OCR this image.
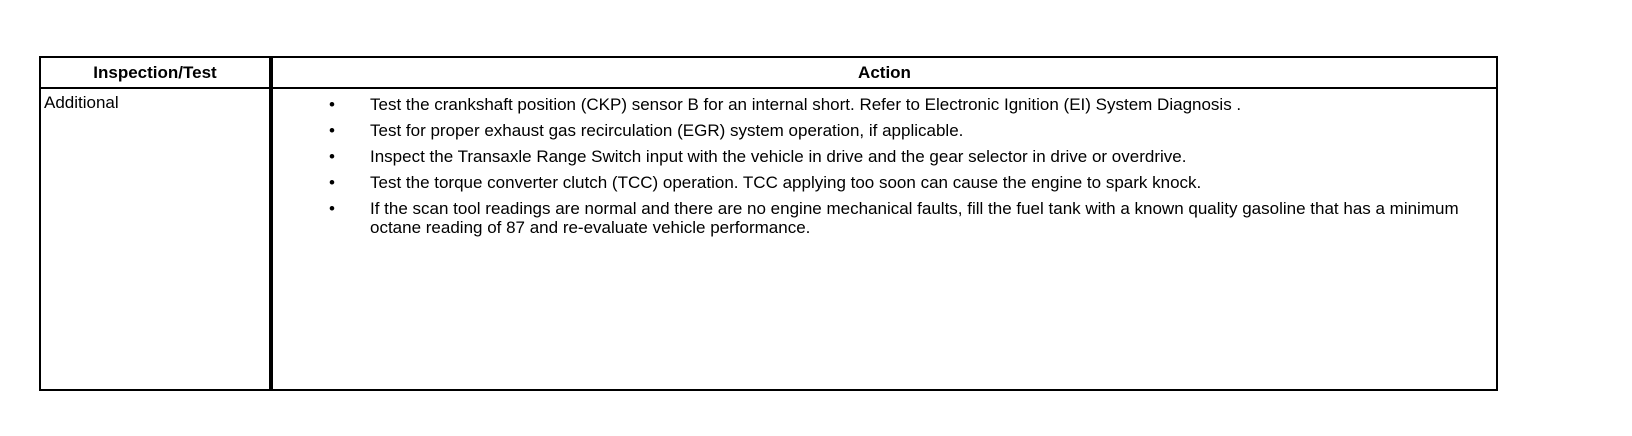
Inspection/Test	Action
Additional	• Test the crankshaft position (CKP) sensor B for an internal short. Refer to Electronic Ignition (EI) System Diagnosis .
• Test for proper exhaust gas recirculation (EGR) system operation, if applicable.
• Inspect the Transaxle Range Switch input with the vehicle in drive and the gear selector in drive or overdrive.
• Test the torque converter clutch (TCC) operation. TCC applying too soon can cause the engine to spark knock.
• If the scan tool readings are normal and there are no engine mechanical faults, fill the fuel tank with a known quality gasoline that has a minimum octane reading of 87 and re-evaluate vehicle performance.
